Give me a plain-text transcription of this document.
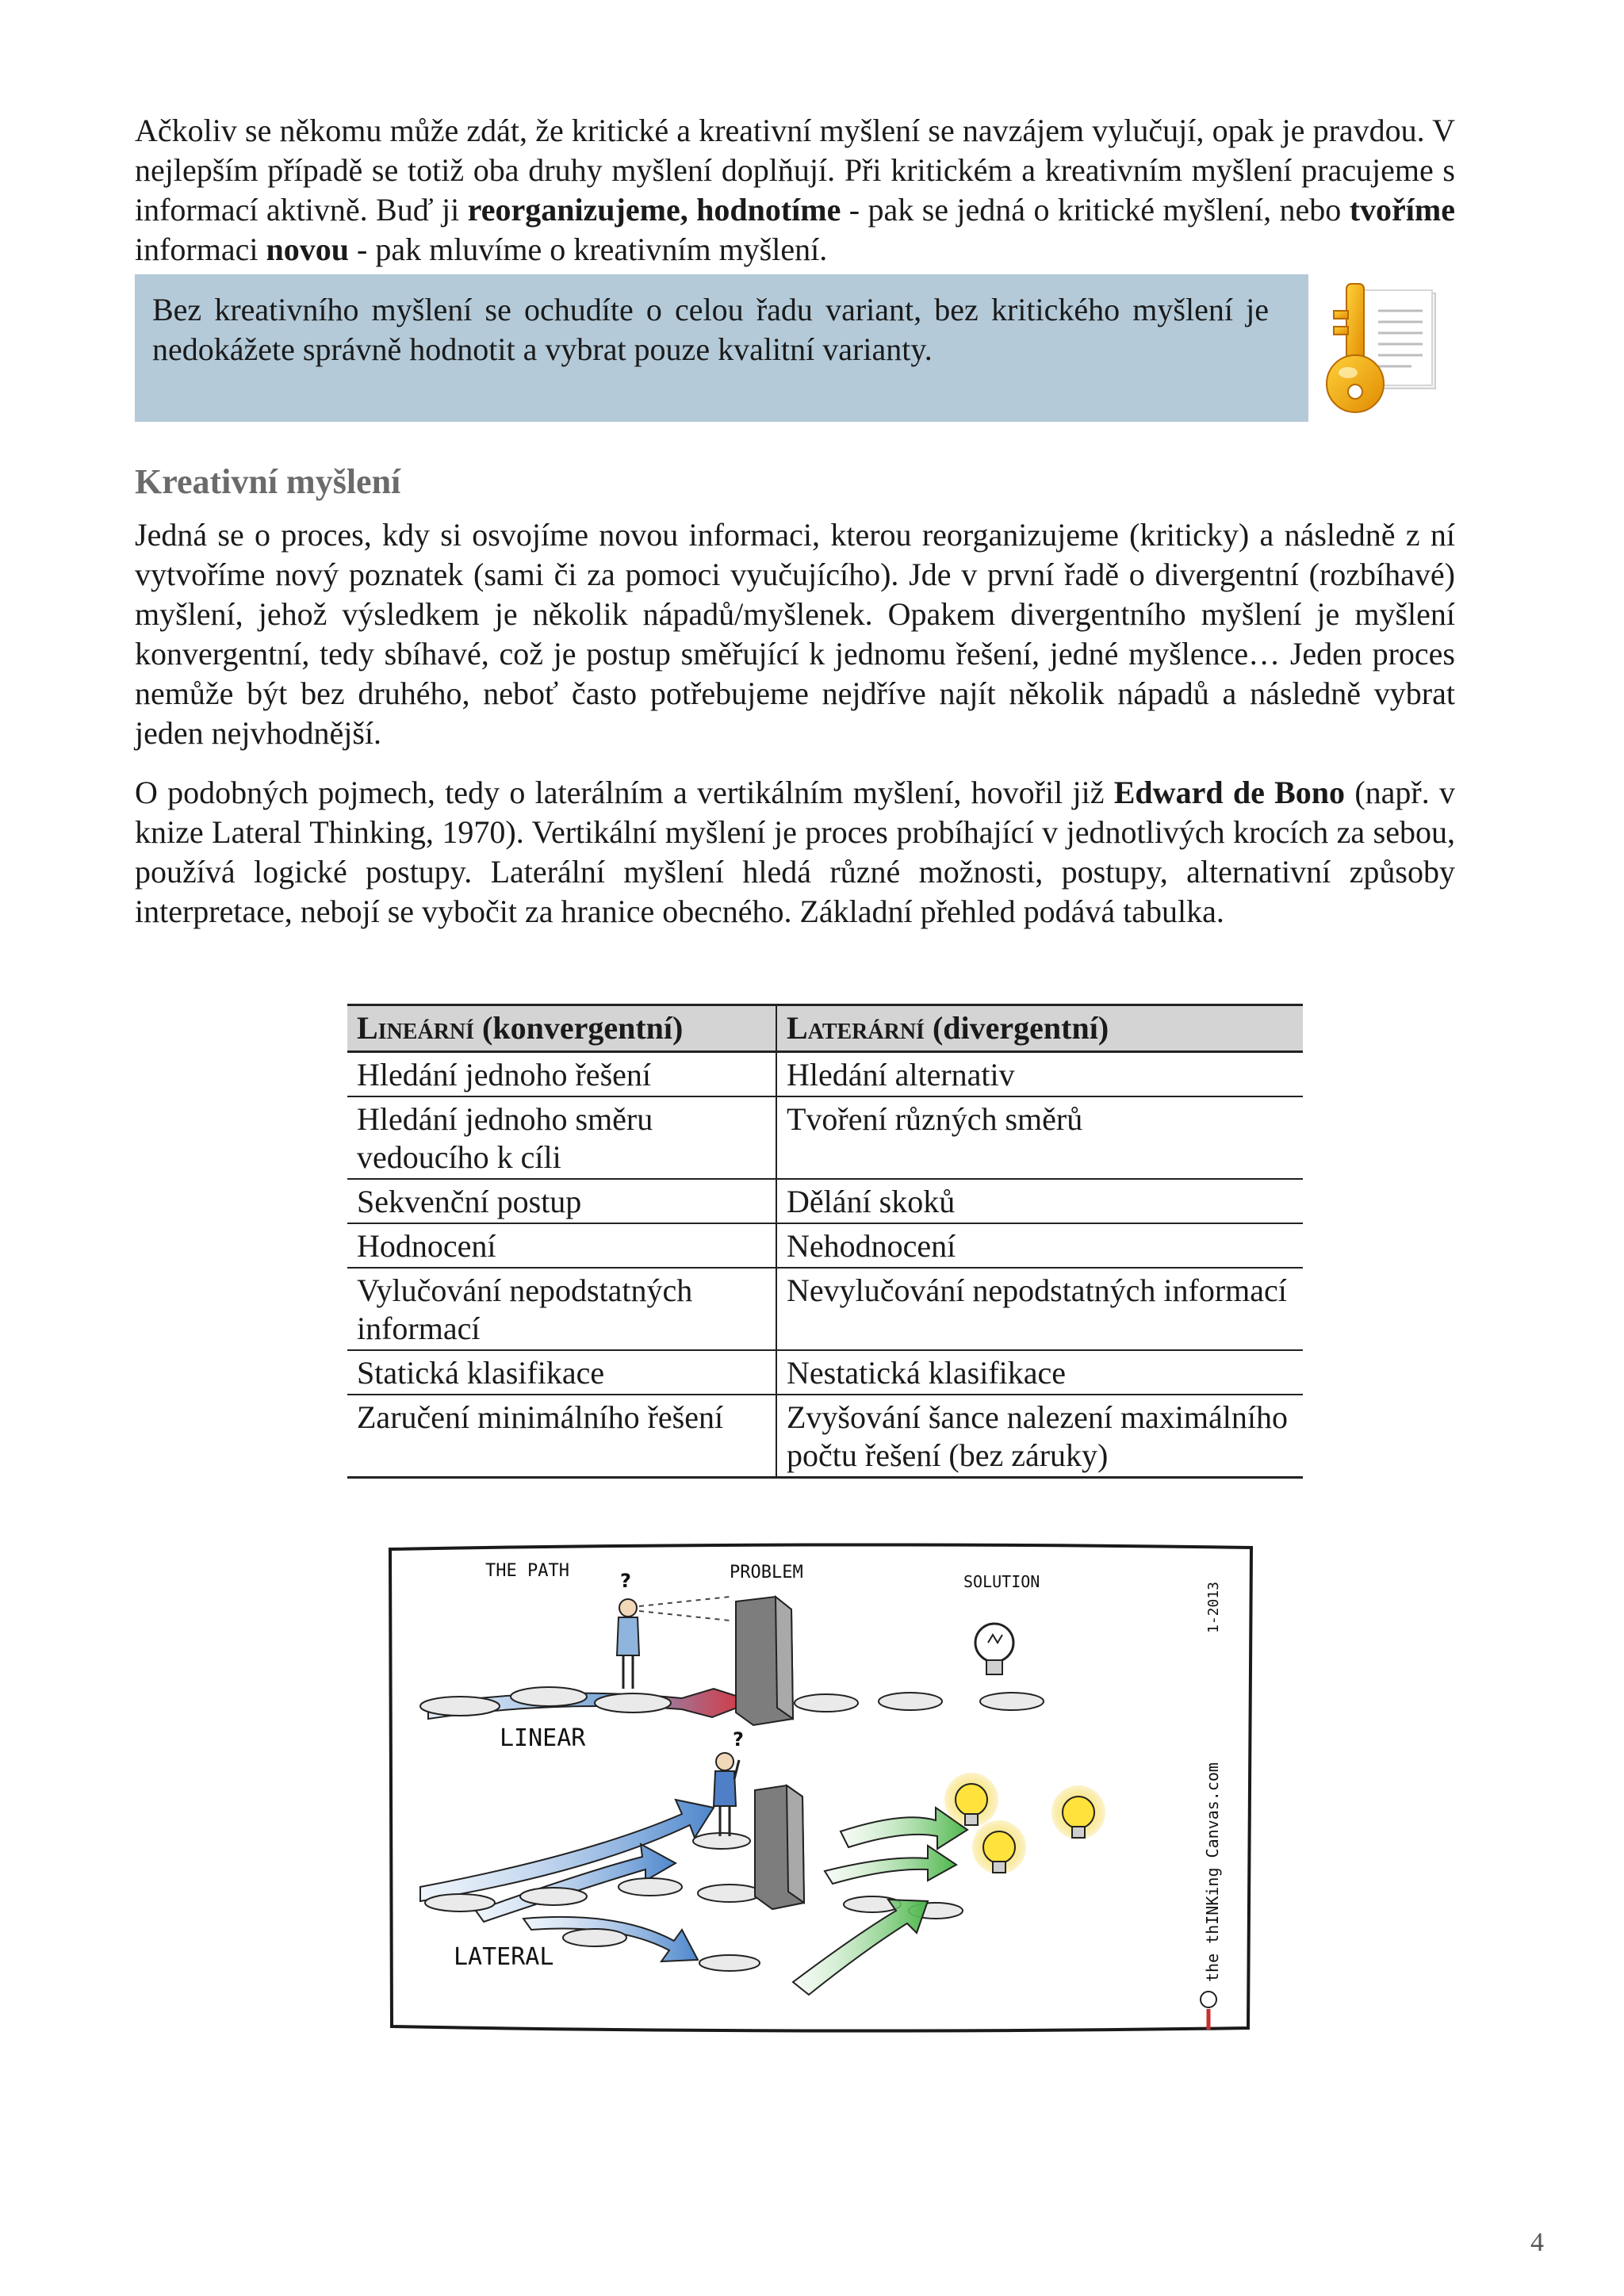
Ačkoliv se někomu může zdát, že kritické a kreativní myšlení se navzájem vylučují, opak je pravdou. V nejlepším případě se totiž oba druhy myšlení doplňují. Při kritickém a kreativním myšlení pracujeme s informací aktivně. Buď ji reorganizujeme, hodnotíme - pak se jedná o kritické myšlení, nebo tvoříme informaci novou - pak mluvíme o kreativním myšlení.

Bez kreativního myšlení se ochudíte o celou řadu variant, bez kritického myšlení je nedokážete správně hodnotit a vybrat pouze kvalitní varianty.

Kreativní myšlení

Jedná se o proces, kdy si osvojíme novou informaci, kterou reorganizujeme (kriticky) a následně z ní vytvoříme nový poznatek (sami či za pomoci vyučujícího). Jde v první řadě o divergentní (rozbíhavé) myšlení, jehož výsledkem je několik nápadů/myšlenek. Opakem divergentního myšlení je myšlení konvergentní, tedy sbíhavé, což je postup směřující k jednomu řešení, jedné myšlence… Jeden proces nemůže být bez druhého, neboť často potřebujeme nejdříve najít několik nápadů a následně vybrat jeden nejvhodnější.

O podobných pojmech, tedy o laterálním a vertikálním myšlení, hovořil již Edward de Bono (např. v knize Lateral Thinking, 1970). Vertikální myšlení je proces probíhající v jednotlivých krocích za sebou, používá logické postupy. Laterální myšlení hledá různé možnosti, postupy, alternativní způsoby interpretace, nebojí se vybočit za hranice obecného. Základní přehled podává tabulka.

Lineární (konvergentní)	Laterární (divergentní)
Hledání jednoho řešení	Hledání alternativ
Hledání jednoho směru vedoucího k cíli	Tvoření různých směrů
Sekvenční postup	Dělání skoků
Hodnocení	Nehodnocení
Vylučování nepodstatných informací	Nevylučování nepodstatných informací
Statická klasifikace	Nestatická klasifikace
Zaručení minimálního řešení	Zvyšování šance nalezení maximálního počtu řešení (bez záruky)
THE PATH	PROBLEM	SOLUTION
LINEAR
LATERAL
?
the thINKing Canvas.com
1-2013
?
4
